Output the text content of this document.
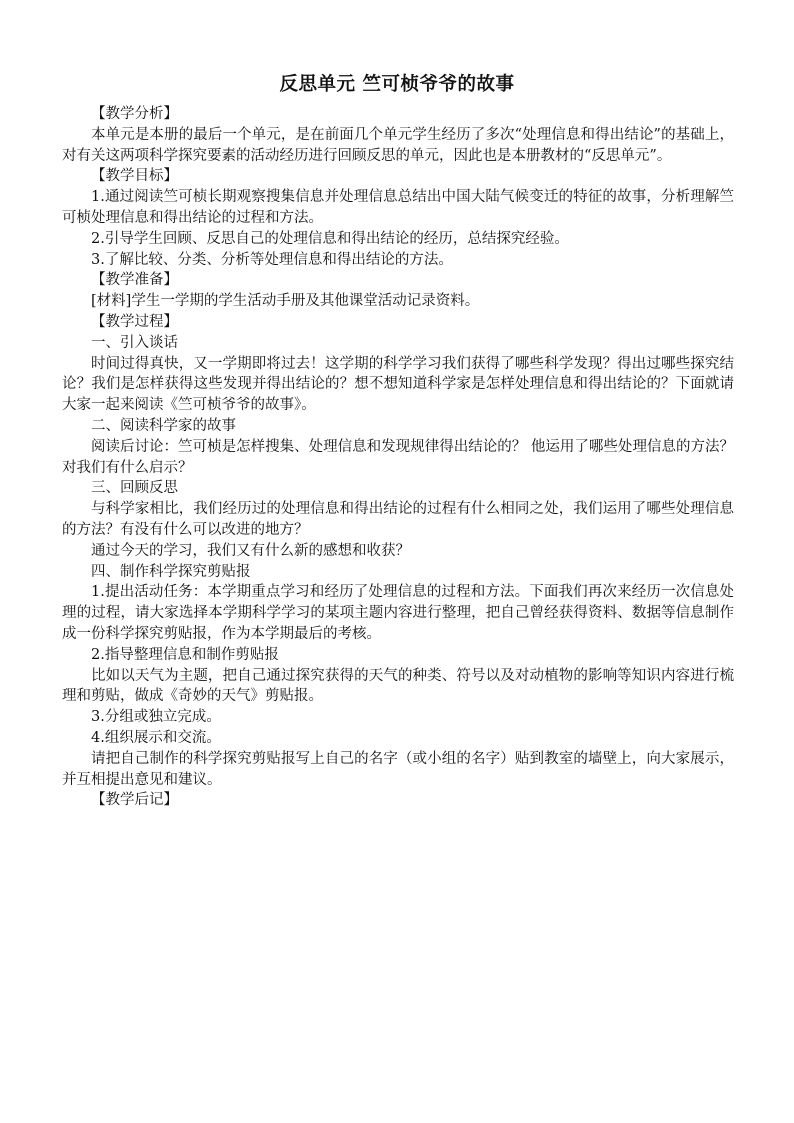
反思单元 竺可桢爷爷的故事

【教学分析】

本单元是本册的最后一个单元，是在前面几个单元学生经历了多次“处理信息和得出结论”的基础上，对有关这两项科学探究要素的活动经历进行回顾反思的单元，因此也是本册教材的“反思单元”。

【教学目标】

1.通过阅读竺可桢长期观察搜集信息并处理信息总结出中国大陆气候变迁的特征的故事，分析理解竺可桢处理信息和得出结论的过程和方法。

2.引导学生回顾、反思自己的处理信息和得出结论的经历，总结探究经验。

3.了解比较、分类、分析等处理信息和得出结论的方法。

【教学准备】

[材料]学生一学期的学生活动手册及其他课堂活动记录资料。

【教学过程】

一、引入谈话

时间过得真快，又一学期即将过去！这学期的科学学习我们获得了哪些科学发现？得出过哪些探究结论？我们是怎样获得这些发现并得出结论的？想不想知道科学家是怎样处理信息和得出结论的？下面就请大家一起来阅读《竺可桢爷爷的故事》。

二、阅读科学家的故事

阅读后讨论：竺可桢是怎样搜集、处理信息和发现规律得出结论的？ 他运用了哪些处理信息的方法？对我们有什么启示？

三、回顾反思

与科学家相比，我们经历过的处理信息和得出结论的过程有什么相同之处，我们运用了哪些处理信息的方法？有没有什么可以改进的地方？

通过今天的学习，我们又有什么新的感想和收获？

四、制作科学探究剪贴报

1.提出活动任务：本学期重点学习和经历了处理信息的过程和方法。下面我们再次来经历一次信息处理的过程，请大家选择本学期科学学习的某项主题内容进行整理，把自己曾经获得资料、数据等信息制作成一份科学探究剪贴报，作为本学期最后的考核。

2.指导整理信息和制作剪贴报

比如以天气为主题，把自己通过探究获得的天气的种类、符号以及对动植物的影响等知识内容进行梳理和剪贴，做成《奇妙的天气》剪贴报。

3.分组或独立完成。

4.组织展示和交流。

请把自己制作的科学探究剪贴报写上自己的名字（或小组的名字）贴到教室的墙壁上，向大家展示，并互相提出意见和建议。

【教学后记】
